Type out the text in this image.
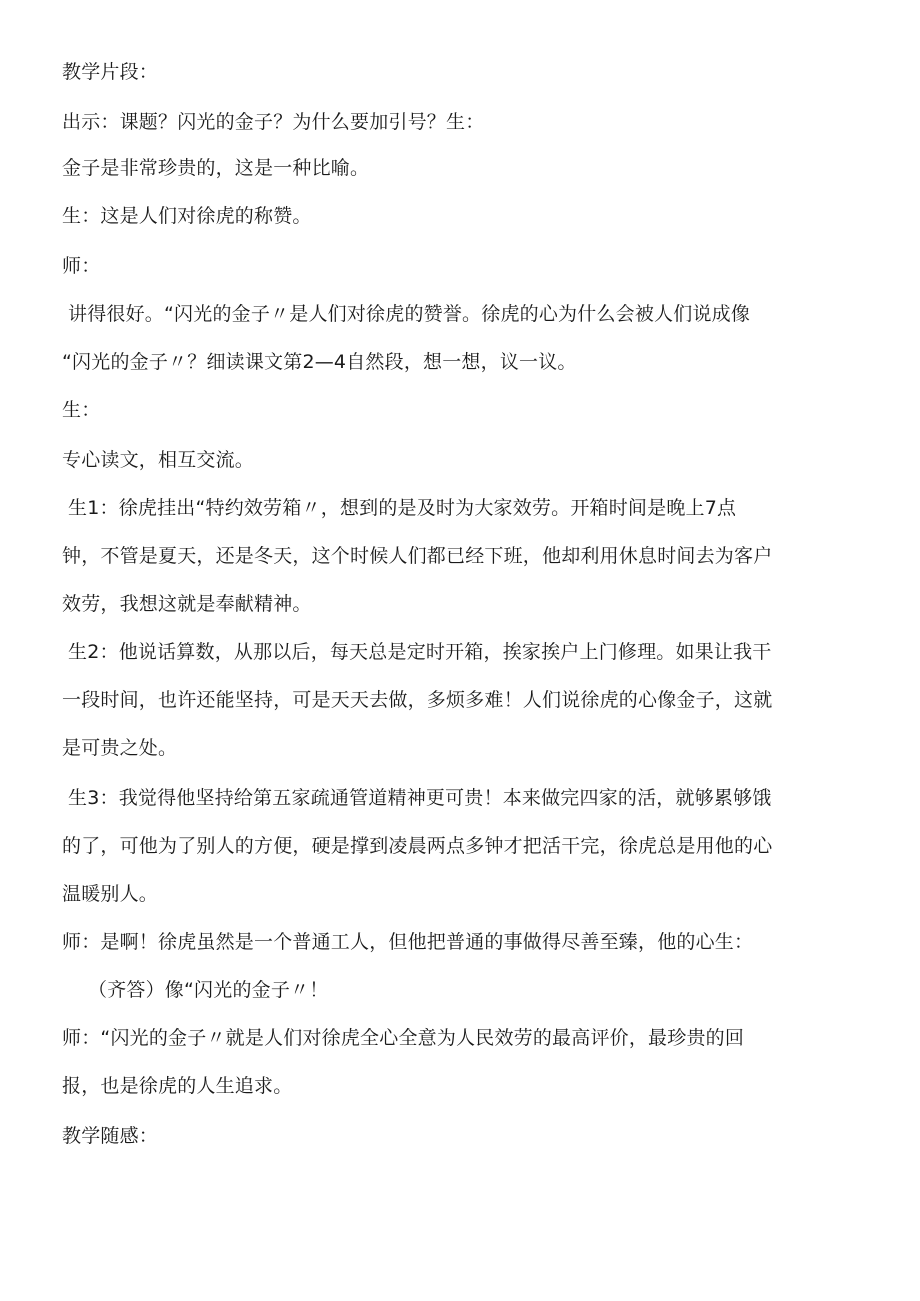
教学片段：
出示：课题？闪光的金子？为什么要加引号？生：
金子是非常珍贵的，这是一种比喻。
生：这是人们对徐虎的称赞。
师：
讲得很好。“闪光的金子〃是人们对徐虎的赞誉。徐虎的心为什么会被人们说成像
“闪光的金子〃？细读课文第2—4自然段，想一想，议一议。
生：
专心读文，相互交流。
生1：徐虎挂出“特约效劳箱〃，想到的是及时为大家效劳。开箱时间是晚上7点
钟，不管是夏天，还是冬天，这个时候人们都已经下班，他却利用休息时间去为客户
效劳，我想这就是奉献精神。
生2：他说话算数，从那以后，每天总是定时开箱，挨家挨户上门修理。如果让我干
一段时间，也许还能坚持，可是天天去做，多烦多难！人们说徐虎的心像金子，这就
是可贵之处。
生3：我觉得他坚持给第五家疏通管道精神更可贵！本来做完四家的活，就够累够饿
的了，可他为了别人的方便，硬是撑到凌晨两点多钟才把活干完，徐虎总是用他的心
温暖别人。
师：是啊！徐虎虽然是一个普通工人，但他把普通的事做得尽善至臻，他的心生：
（齐答）像“闪光的金子〃！
师：“闪光的金子〃就是人们对徐虎全心全意为人民效劳的最高评价，最珍贵的回
报，也是徐虎的人生追求。
教学随感：
